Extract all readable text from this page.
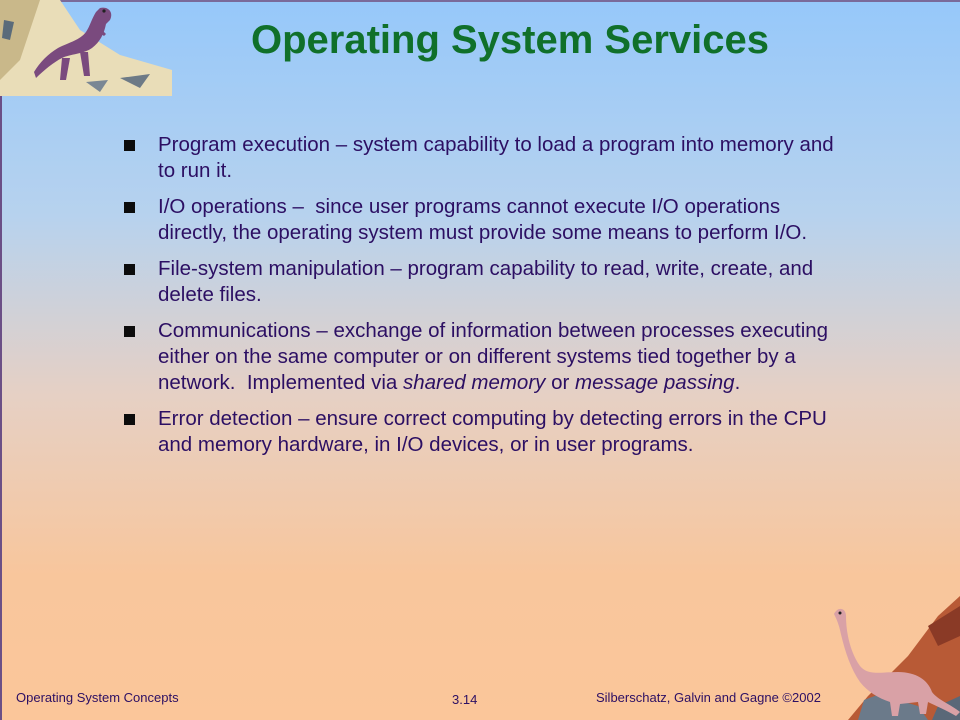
Operating System Services
Program execution – system capability to load a program into memory and to run it.
I/O operations –  since user programs cannot execute I/O operations directly, the operating system must provide some means to perform I/O.
File-system manipulation – program capability to read, write, create, and delete files.
Communications – exchange of information between processes executing either on the same computer or on different systems tied together by a network.  Implemented via shared memory or message passing.
Error detection – ensure correct computing by detecting errors in the CPU and memory hardware, in I/O devices, or in user programs.
Operating System Concepts	3.14	Silberschatz, Galvin and Gagne ©2002
